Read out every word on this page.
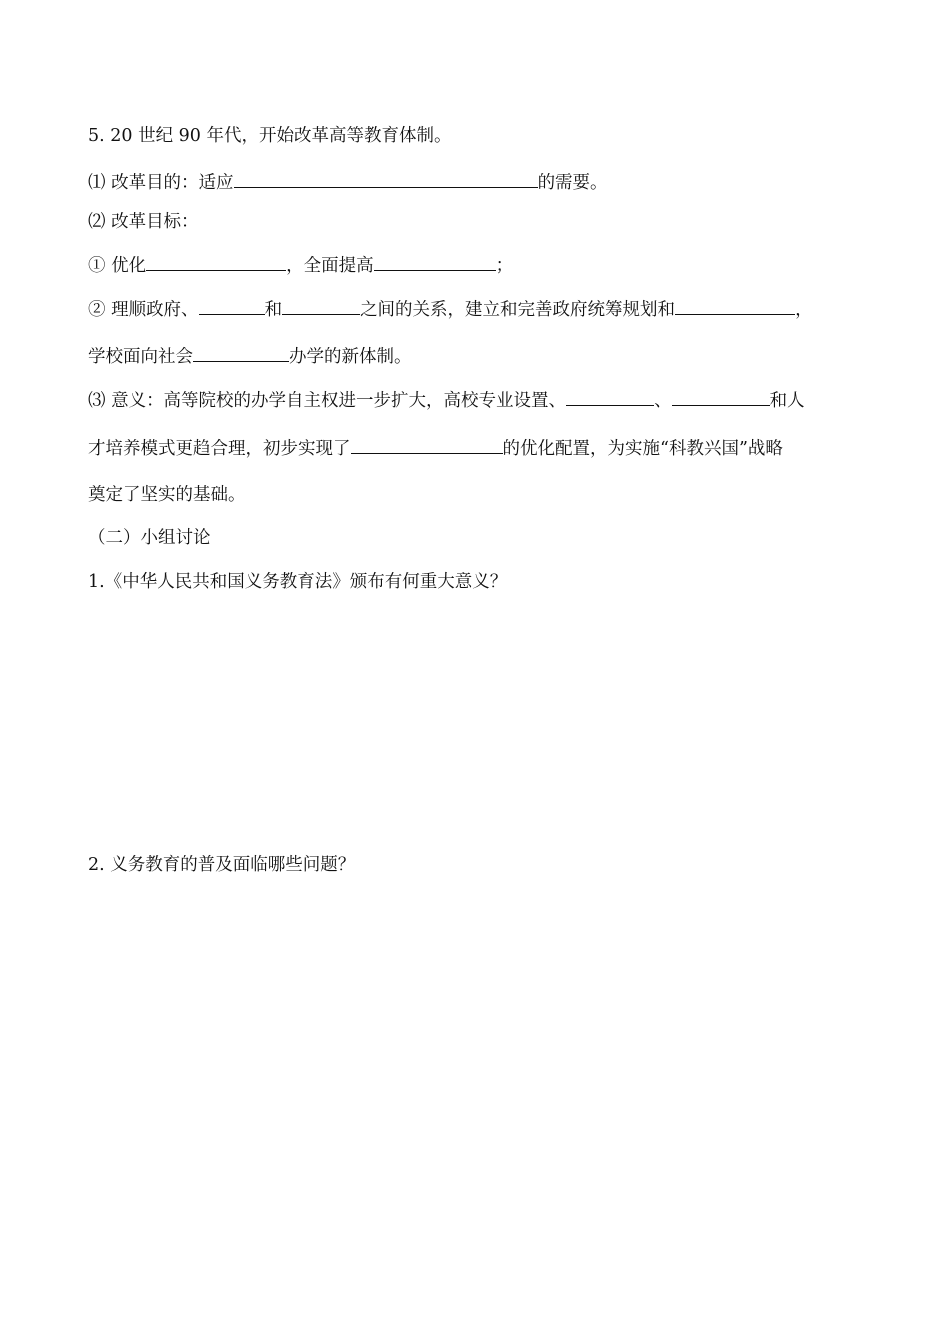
5. 20 世纪 90 年代，开始改革高等教育体制。
⑴ 改革目的：适应	的需要。
⑵ 改革目标：
① 优化	，全面提高	；
② 理顺政府、	和	之间的关系，建立和完善政府统筹规划和	，
学校面向社会	办学的新体制。
⑶ 意义：高等院校的办学自主权进一步扩大，高校专业设置、	、	和人
才培养模式更趋合理，初步实现了	的优化配置，为实施“科教兴国”战略
奠定了坚实的基础。
（二）小组讨论
1.《中华人民共和国义务教育法》颁布有何重大意义？
2. 义务教育的普及面临哪些问题？
